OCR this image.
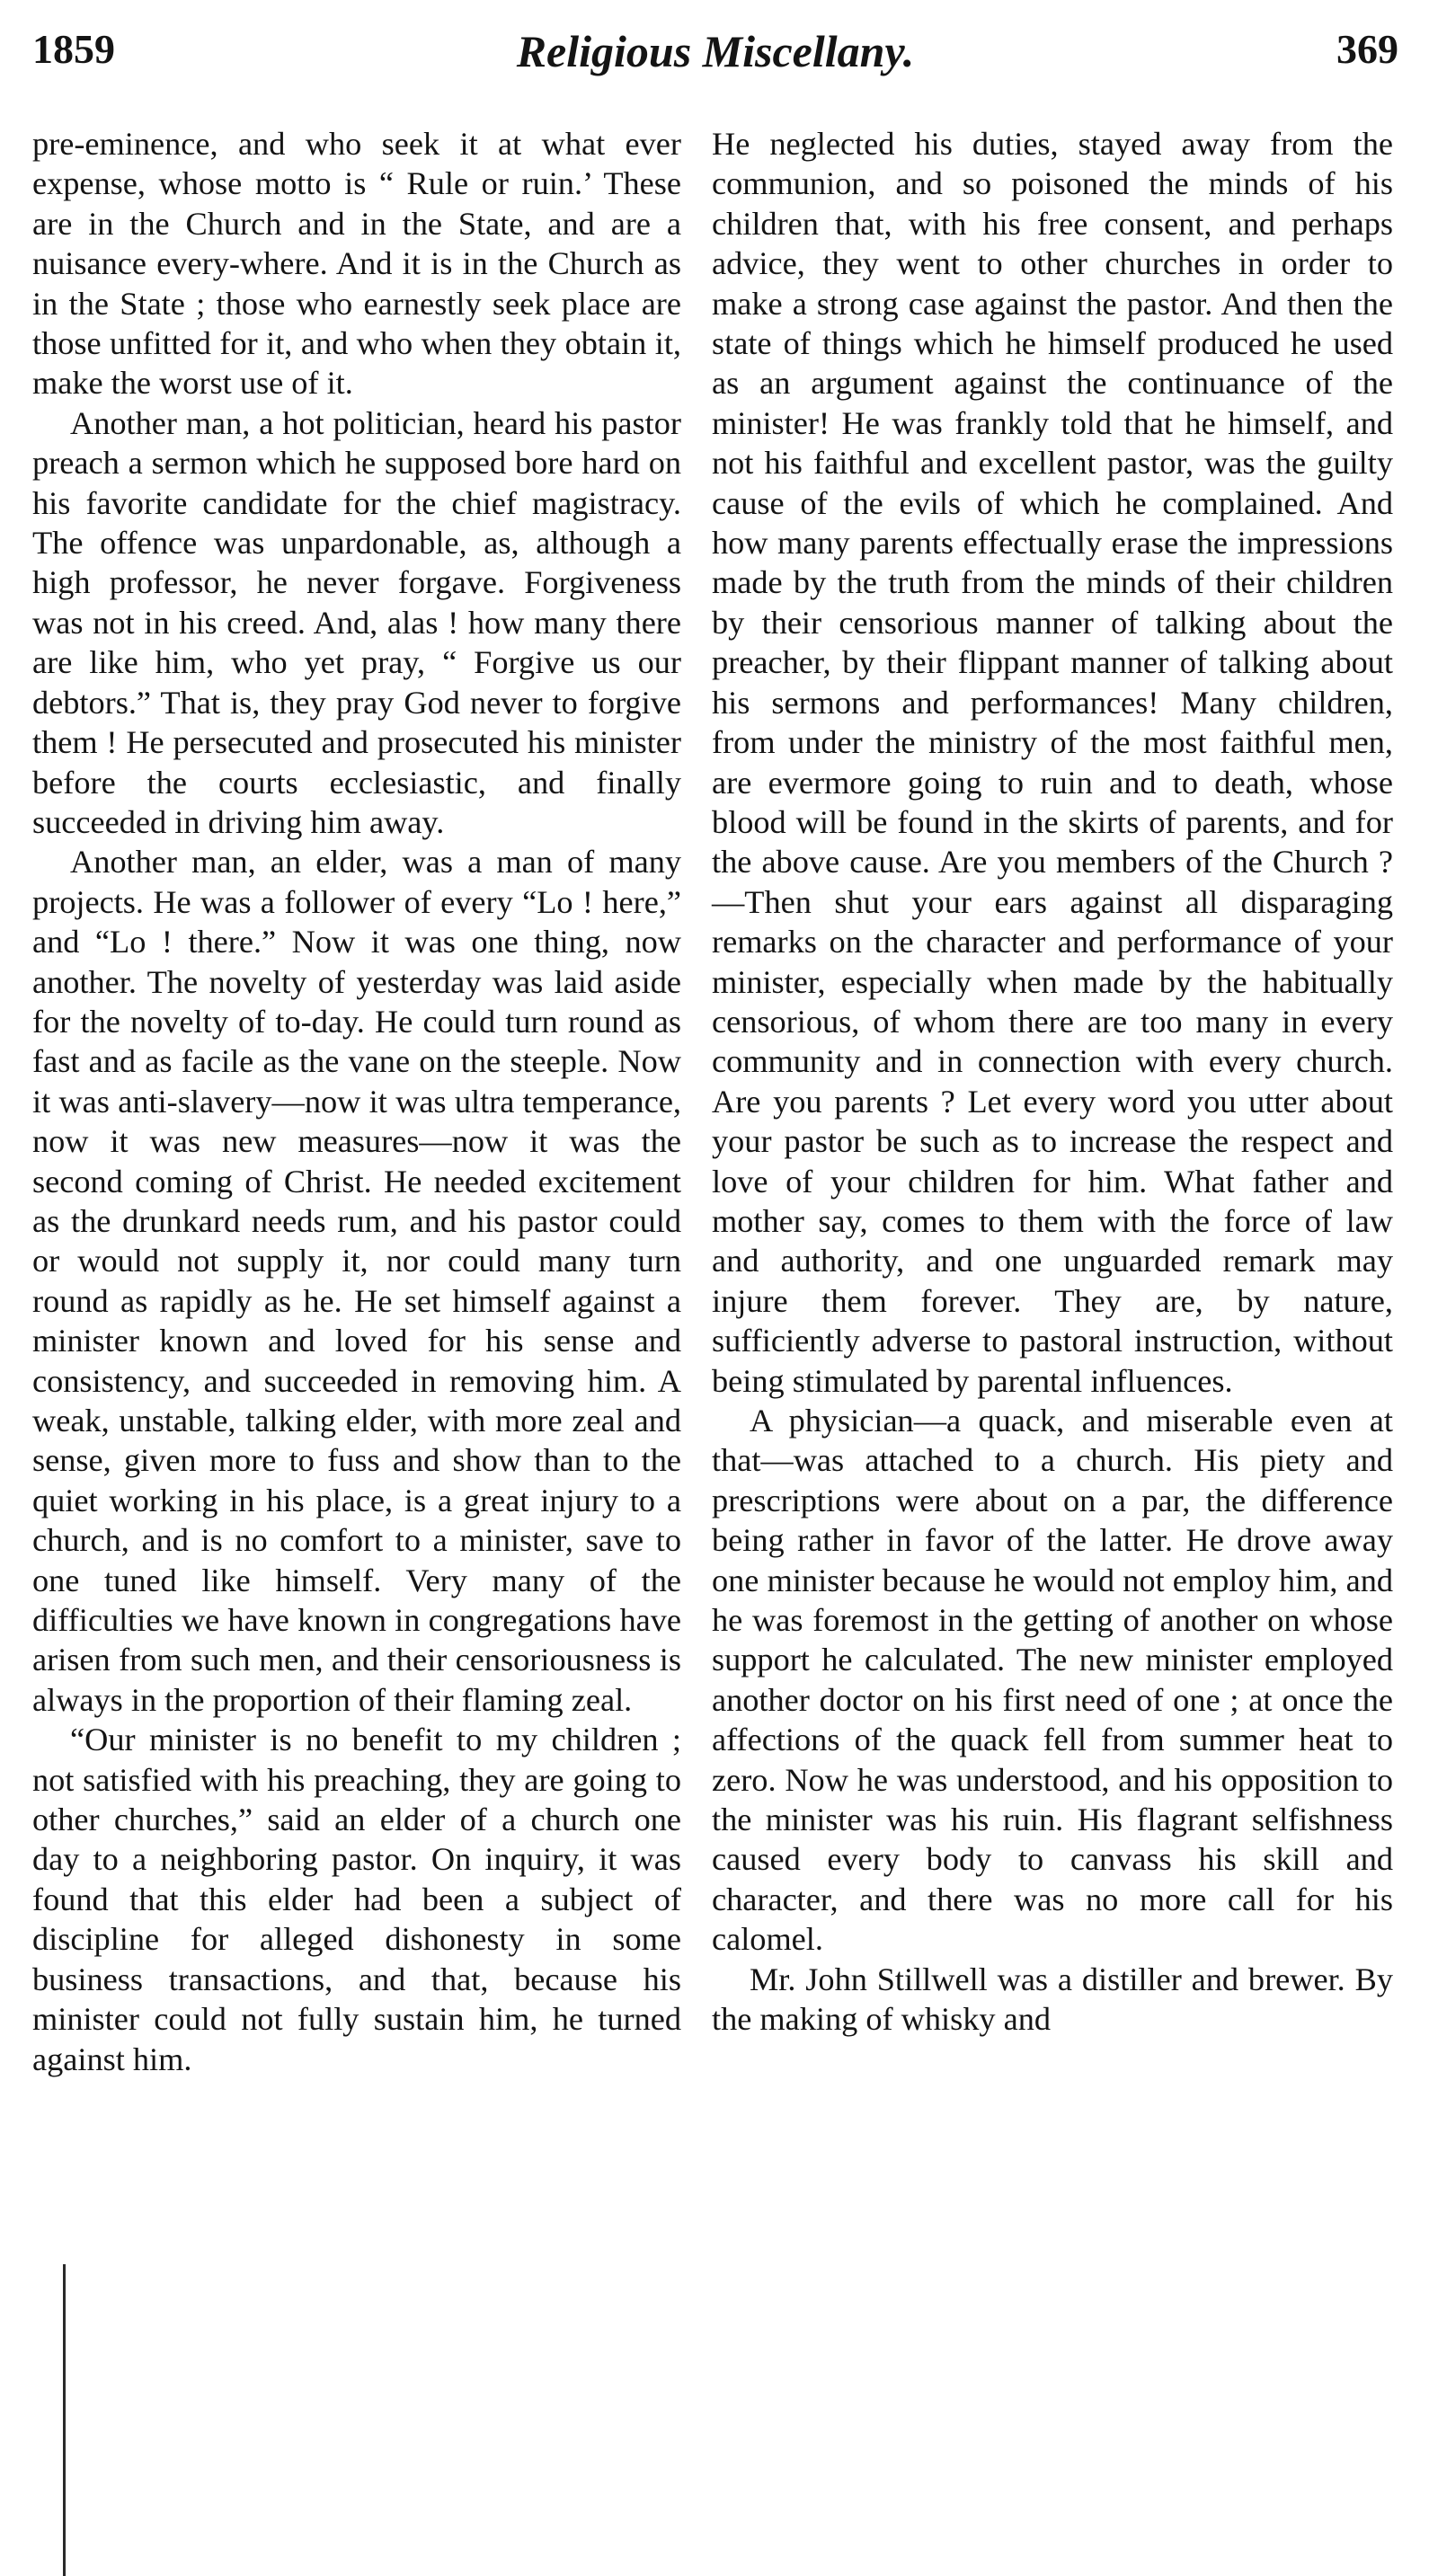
1859	Religious Miscellany.	369

pre-eminence, and who seek it at what ever expense, whose motto is “ Rule or ruin.’ These are in the Church and in the State, and are a nuisance every-where. And it is in the Church as in the State ; those who earnestly seek place are those unfitted for it, and who when they obtain it, make the worst use of it.

Another man, a hot politician, heard his pastor preach a sermon which he supposed bore hard on his favorite candidate for the chief magistracy. The offence was unpardonable, as, although a high professor, he never forgave. Forgiveness was not in his creed. And, alas ! how many there are like him, who yet pray, “ Forgive us our debtors.” That is, they pray God never to forgive them ! He persecuted and prosecuted his minister before the courts ecclesiastic, and finally succeeded in driving him away.

Another man, an elder, was a man of many projects. He was a follower of every “Lo ! here,” and “Lo ! there.” Now it was one thing, now another. The novelty of yesterday was laid aside for the novelty of to-day. He could turn round as fast and as facile as the vane on the steeple. Now it was anti-slavery—now it was ultra temperance, now it was new measures—now it was the second coming of Christ. He needed excitement as the drunkard needs rum, and his pastor could or would not supply it, nor could many turn round as rapidly as he. He set himself against a minister known and loved for his sense and consistency, and succeeded in removing him. A weak, unstable, talking elder, with more zeal and sense, given more to fuss and show than to the quiet working in his place, is a great injury to a church, and is no comfort to a minister, save to one tuned like himself. Very many of the difficulties we have known in congregations have arisen from such men, and their censoriousness is always in the proportion of their flaming zeal.

“Our minister is no benefit to my children ; not satisfied with his preaching, they are going to other churches,” said an elder of a church one day to a neighboring pastor. On inquiry, it was found that this elder had been a subject of discipline for alleged dishonesty in some business transactions, and that, because his minister could not fully sustain him, he turned against him.

He neglected his duties, stayed away from the communion, and so poisoned the minds of his children that, with his free consent, and perhaps advice, they went to other churches in order to make a strong case against the pastor. And then the state of things which he himself produced he used as an argument against the continuance of the minister! He was frankly told that he himself, and not his faithful and excellent pastor, was the guilty cause of the evils of which he complained. And how many parents effectually erase the impressions made by the truth from the minds of their children by their censorious manner of talking about the preacher, by their flippant manner of talking about his sermons and performances! Many children, from under the ministry of the most faithful men, are evermore going to ruin and to death, whose blood will be found in the skirts of parents, and for the above cause. Are you members of the Church ?—Then shut your ears against all disparaging remarks on the character and performance of your minister, especially when made by the habitually censorious, of whom there are too many in every community and in connection with every church. Are you parents ? Let every word you utter about your pastor be such as to increase the respect and love of your children for him. What father and mother say, comes to them with the force of law and authority, and one unguarded remark may injure them forever. They are, by nature, sufficiently adverse to pastoral instruction, without being stimulated by parental influences.

A physician—a quack, and miserable even at that—was attached to a church. His piety and prescriptions were about on a par, the difference being rather in favor of the latter. He drove away one minister because he would not employ him, and he was foremost in the getting of another on whose support he calculated. The new minister employed another doctor on his first need of one ; at once the affections of the quack fell from summer heat to zero. Now he was understood, and his opposition to the minister was his ruin. His flagrant selfishness caused every body to canvass his skill and character, and there was no more call for his calomel.

Mr. John Stillwell was a distiller and brewer. By the making of whisky and
